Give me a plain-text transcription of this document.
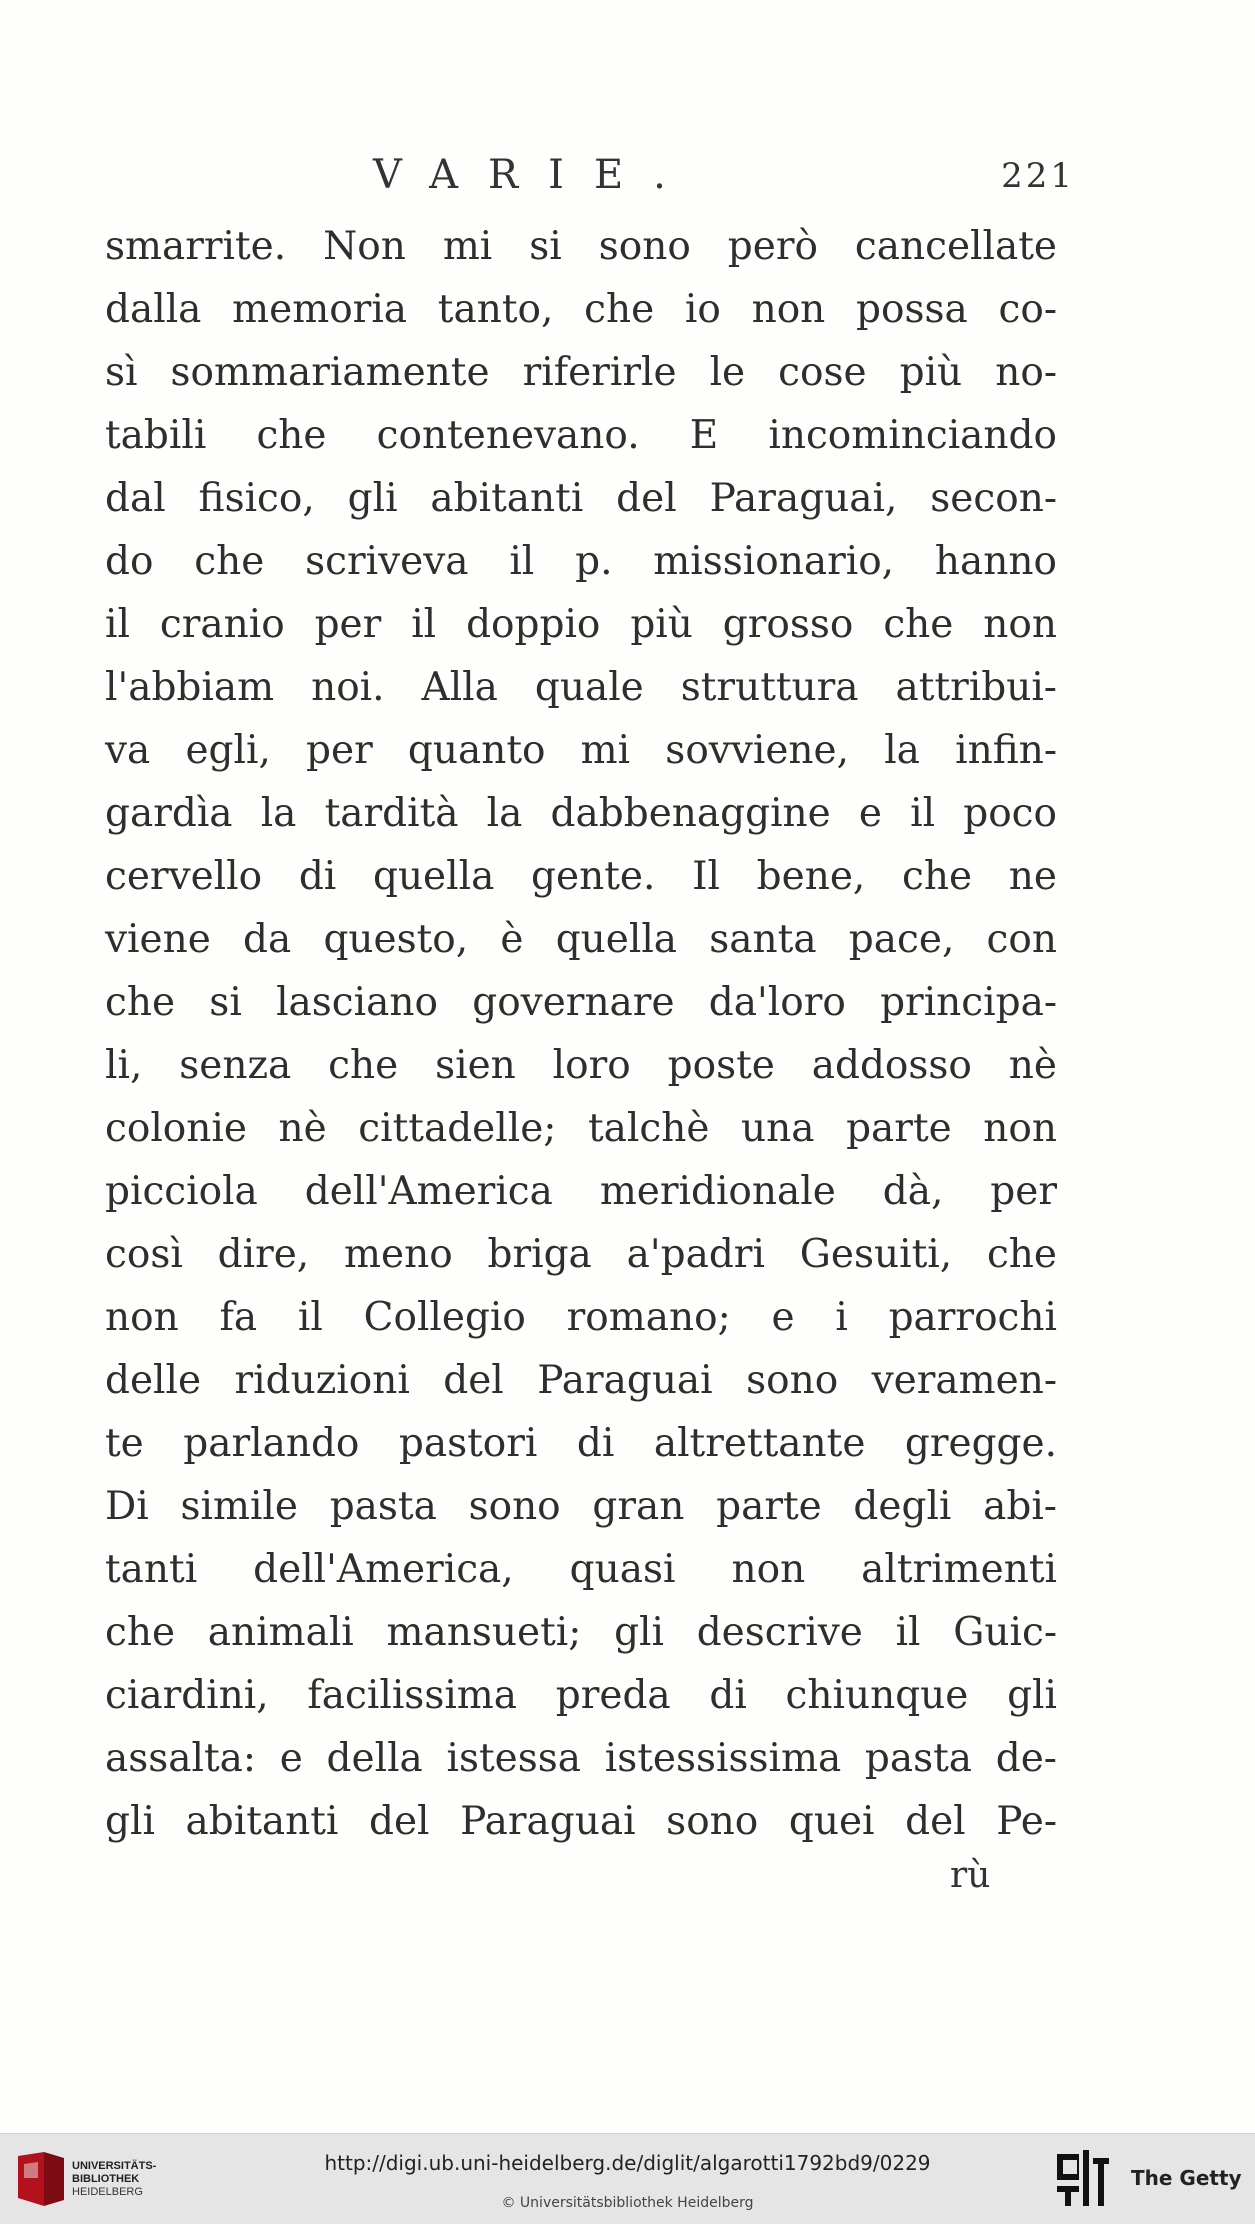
VARIE.	221
smarrite. Non mi si sono però cancellate
dalla memoria tanto, che io non possa co-
sì sommariamente riferirle le cose più no-
tabili che contenevano. E incominciando
dal fisico, gli abitanti del Paraguai, secon-
do che scriveva il p. missionario, hanno
il cranio per il doppio più grosso che non
l'abbiam noi. Alla quale struttura attribui-
va egli, per quanto mi sovviene, la infin-
gardìa la tardità la dabbenaggine e il poco
cervello di quella gente. Il bene, che ne
viene da questo, è quella santa pace, con
che si lasciano governare da'loro principa-
li, senza che sien loro poste addosso nè
colonie nè cittadelle; talchè una parte non
picciola dell'America meridionale dà, per
così dire, meno briga a'padri Gesuiti, che
non fa il Collegio romano; e i parrochi
delle riduzioni del Paraguai sono veramen-
te parlando pastori di altrettante gregge.
Di simile pasta sono gran parte degli abi-
tanti dell'America, quasi non altrimenti
che animali mansueti; gli descrive il Guic-
ciardini, facilissima preda di chiunque gli
assalta: e della istessa istessissima pasta de-
gli abitanti del Paraguai sono quei del Pe-
rù
UNIVERSITÄTS-
BIBLIOTHEK
HEIDELBERG
http://digi.ub.uni-heidelberg.de/diglit/algarotti1792bd9/0229
© Universitätsbibliothek Heidelberg
The Getty
